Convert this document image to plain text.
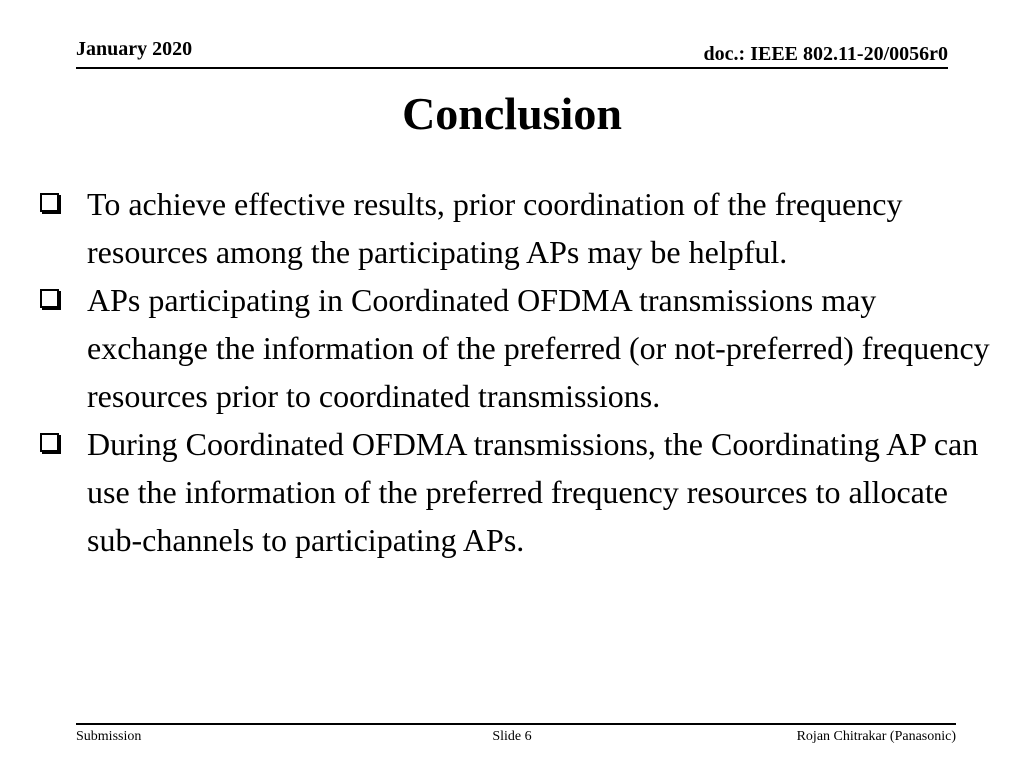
January 2020	doc.: IEEE 802.11-20/0056r0
Conclusion
To achieve effective results, prior coordination of the frequency resources among the participating APs may be helpful.
APs participating in Coordinated OFDMA transmissions may exchange the information of the preferred (or not-preferred) frequency resources prior to coordinated transmissions.
During Coordinated OFDMA transmissions, the Coordinating AP can use the information of the preferred frequency resources to allocate sub-channels to participating APs.
Submission	Slide 6	Rojan Chitrakar (Panasonic)
